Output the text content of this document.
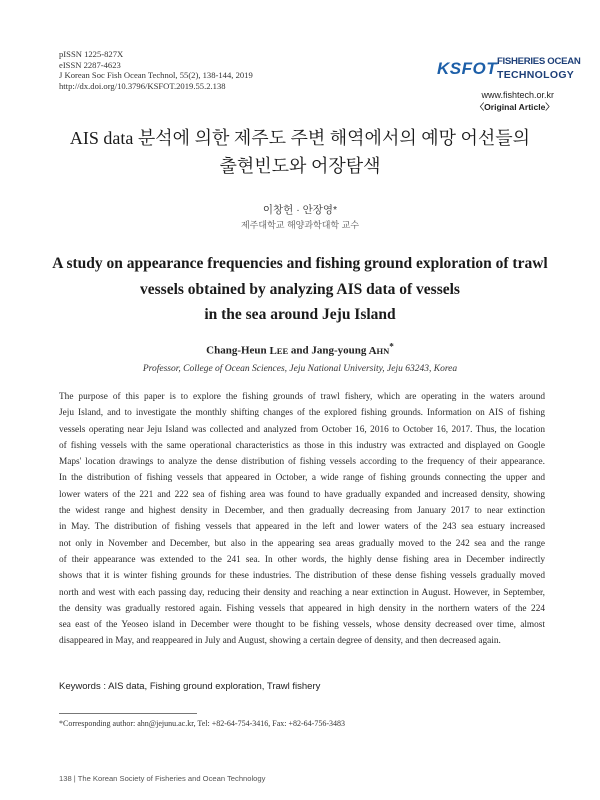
pISSN 1225-827X
eISSN 2287-4623
J Korean Soc Fish Ocean Technol, 55(2), 138-144, 2019
http://dx.doi.org/10.3796/KSFOT.2019.55.2.138
KSFOT FISHERIES OCEAN
TECHNOLOGY
www.fishtech.or.kr
〈Original Article〉
AIS data 분석에 의한 제주도 주변 해역에서의 예망 어선들의
출현빈도와 어장탐색
이창헌 · 안장영*
제주대학교 해양과학대학 교수
A study on appearance frequencies and fishing ground exploration of trawl
vessels obtained by analyzing AIS data of vessels
in the sea around Jeju Island
Chang-Heun LEE and Jang-young AHN*
Professor, College of Ocean Sciences, Jeju National University, Jeju 63243, Korea
The purpose of this paper is to explore the fishing grounds of trawl fishery, which are operating in the waters around
Jeju Island, and to investigate the monthly shifting changes of the explored fishing grounds. Information on AIS of fishing
vessels operating near Jeju Island was collected and analyzed from October 16, 2016 to October 16, 2017. Thus, the location
of fishing vessels with the same operational characteristics as those in this industry was extracted and displayed on Google
Maps' location drawings to analyze the dense distribution of fishing vessels according to the frequency of their appearance.
In the distribution of fishing vessels that appeared in October, a wide range of fishing grounds connecting the upper and
lower waters of the 221 and 222 sea of fishing area was found to have gradually expanded and increased density, showing
the widest range and highest density in December, and then gradually decreasing from January 2017 to near extinction
in May. The distribution of fishing vessels that appeared in the left and lower waters of the 243 sea estuary increased
not only in November and December, but also in the appearing sea areas gradually moved to the 242 sea and the range
of their appearance was extended to the 241 sea. In other words, the highly dense fishing area in December indirectly
shows that it is winter fishing grounds for these industries. The distribution of these dense fishing vessels gradually moved
north and west with each passing day, reducing their density and reaching a near extinction in August. However, in September,
the density was gradually restored again. Fishing vessels that appeared in high density in the northern waters of the 224
sea east of the Yeoseo island in December were thought to be fishing vessels, whose density decreased over time, almost
disappeared in May, and reappeared in July and August, showing a certain degree of density, and then decreased again.
Keywords : AIS data, Fishing ground exploration, Trawl fishery
*Corresponding author: ahn@jejunu.ac.kr, Tel: +82-64-754-3416, Fax: +82-64-756-3483
138 | The Korean Society of Fisheries and Ocean Technology
